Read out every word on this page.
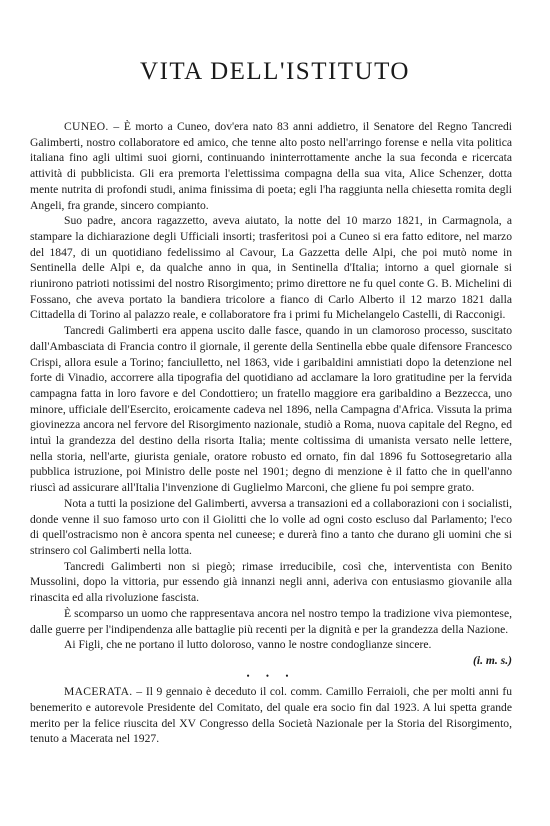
VITA DELL'ISTITUTO

CUNEO. – È morto a Cuneo, dov'era nato 83 anni addietro, il Senatore del Regno Tancredi Galimberti, nostro collaboratore ed amico, che tenne alto posto nell'arringo forense e nella vita politica italiana fino agli ultimi suoi giorni, continuando ininterrottamente anche la sua feconda e ricercata attività di pubblicista. Gli era premorta l'elettissima compagna della sua vita, Alice Schenzer, dotta mente nutrita di profondi studi, anima finissima di poeta; egli l'ha raggiunta nella chiesetta romita degli Angeli, fra grande, sincero compianto.

Suo padre, ancora ragazzetto, aveva aiutato, la notte del 10 marzo 1821, in Carmagnola, a stampare la dichiarazione degli Ufficiali insorti; trasferitosi poi a Cuneo si era fatto editore, nel marzo del 1847, di un quotidiano fedelissimo al Cavour, La Gazzetta delle Alpi, che poi mutò nome in Sentinella delle Alpi e, da qualche anno in qua, in Sentinella d'Italia; intorno a quel giornale si riunirono patrioti notissimi del nostro Risorgimento; primo direttore ne fu quel conte G. B. Michelini di Fossano, che aveva portato la bandiera tricolore a fianco di Carlo Alberto il 12 marzo 1821 dalla Cittadella di Torino al palazzo reale, e collaboratore fra i primi fu Michelangelo Castelli, di Racconigi.

Tancredi Galimberti era appena uscito dalle fasce, quando in un clamoroso processo, suscitato dall'Ambasciata di Francia contro il giornale, il gerente della Sentinella ebbe quale difensore Francesco Crispi, allora esule a Torino; fanciulletto, nel 1863, vide i garibaldini amnistiati dopo la detenzione nel forte di Vinadio, accorrere alla tipografia del quotidiano ad acclamare la loro gratitudine per la fervida campagna fatta in loro favore e del Condottiero; un fratello maggiore era garibaldino a Bezzecca, uno minore, ufficiale dell'Esercito, eroicamente cadeva nel 1896, nella Campagna d'Africa. Vissuta la prima giovinezza ancora nel fervore del Risorgimento nazionale, studiò a Roma, nuova capitale del Regno, ed intuì la grandezza del destino della risorta Italia; mente coltissima di umanista versato nelle lettere, nella storia, nell'arte, giurista geniale, oratore robusto ed ornato, fin dal 1896 fu Sottosegretario alla pubblica istruzione, poi Ministro delle poste nel 1901; degno di menzione è il fatto che in quell'anno riuscì ad assicurare all'Italia l'invenzione di Guglielmo Marconi, che gliene fu poi sempre grato.

Nota a tutti la posizione del Galimberti, avversa a transazioni ed a collaborazioni con i socialisti, donde venne il suo famoso urto con il Giolitti che lo volle ad ogni costo escluso dal Parlamento; l'eco di quell'ostracismo non è ancora spenta nel cuneese; e durerà fino a tanto che durano gli uomini che si strinsero col Galimberti nella lotta.

Tancredi Galimberti non si piegò; rimase irreducibile, così che, interventista con Benito Mussolini, dopo la vittoria, pur essendo già innanzi negli anni, aderiva con entusiasmo giovanile alla rinascita ed alla rivoluzione fascista.

È scomparso un uomo che rappresentava ancora nel nostro tempo la tradizione viva piemontese, dalle guerre per l'indipendenza alle battaglie più recenti per la dignità e per la grandezza della Nazione.

Ai Figli, che ne portano il lutto doloroso, vanno le nostre condoglianze sincere.

(i. m. s.)

• • •

MACERATA. – Il 9 gennaio è deceduto il col. comm. Camillo Ferraioli, che per molti anni fu benemerito e autorevole Presidente del Comitato, del quale era socio fin dal 1923. A lui spetta grande merito per la felice riuscita del XV Congresso della Società Nazionale per la Storia del Risorgimento, tenuto a Macerata nel 1927.
